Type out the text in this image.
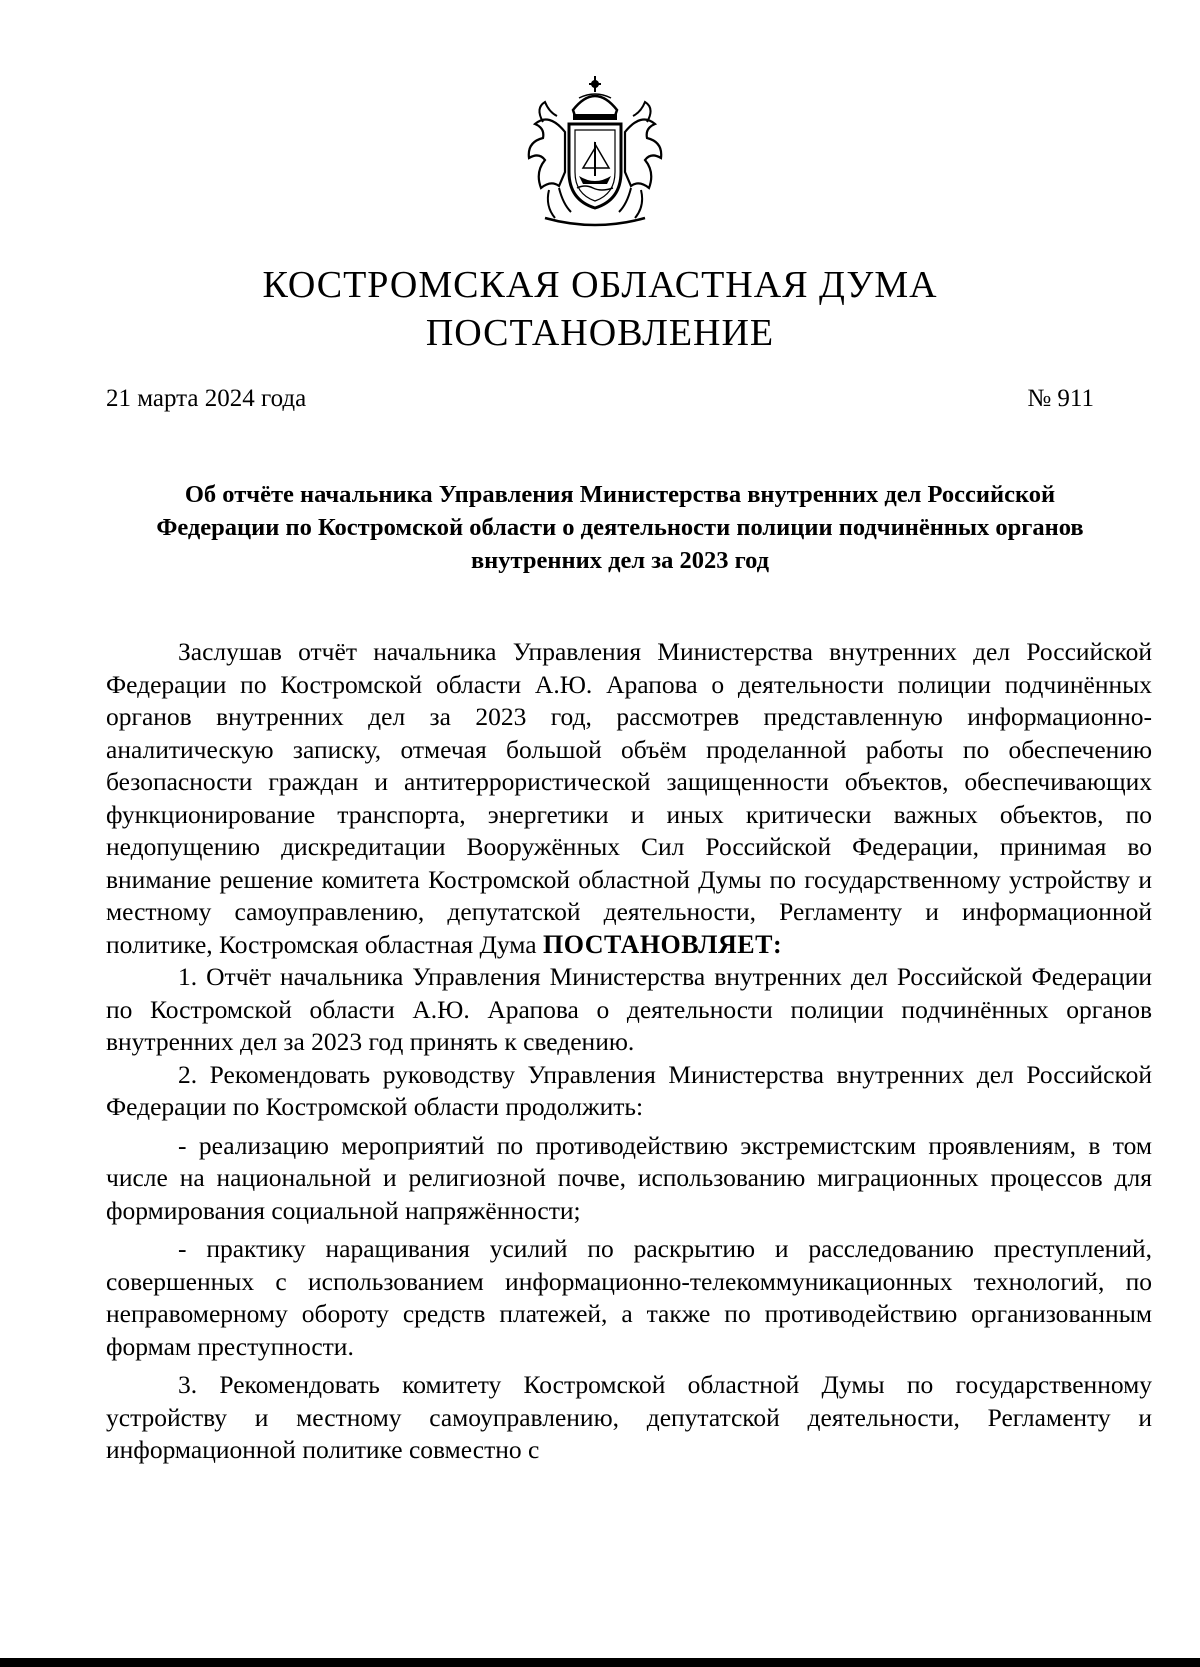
КОСТРОМСКАЯ ОБЛАСТНАЯ ДУМА
ПОСТАНОВЛЕНИЕ
21 марта 2024 года	№ 911
Об отчёте начальника Управления Министерства внутренних дел Российской Федерации по Костромской области о деятельности полиции подчинённых органов внутренних дел за 2023 год

Заслушав отчёт начальника Управления Министерства внутренних дел Российской Федерации по Костромской области А.Ю. Арапова о деятельности полиции подчинённых органов внутренних дел за 2023 год, рассмотрев представленную информационно-аналитическую записку, отмечая большой объём проделанной работы по обеспечению безопасности граждан и антитеррористической защищенности объектов, обеспечивающих функционирование транспорта, энергетики и иных критически важных объектов, по недопущению дискредитации Вооружённых Сил Российской Федерации, принимая во внимание решение комитета Костромской областной Думы по государственному устройству и местному самоуправлению, депутатской деятельности, Регламенту и информационной политике, Костромская областная Дума ПОСТАНОВЛЯЕТ:

1. Отчёт начальника Управления Министерства внутренних дел Российской Федерации по Костромской области А.Ю. Арапова о деятельности полиции подчинённых органов внутренних дел за 2023 год принять к сведению.

2. Рекомендовать руководству Управления Министерства внутренних дел Российской Федерации по Костромской области продолжить:

- реализацию мероприятий по противодействию экстремистским проявлениям, в том числе на национальной и религиозной почве, использованию миграционных процессов для формирования социальной напряжённости;

- практику наращивания усилий по раскрытию и расследованию преступлений, совершенных с использованием информационно-телекоммуникационных технологий, по неправомерному обороту средств платежей, а также по противодействию организованным формам преступности.

3. Рекомендовать комитету Костромской областной Думы по государственному устройству и местному самоуправлению, депутатской деятельности, Регламенту и информационной политике совместно с
